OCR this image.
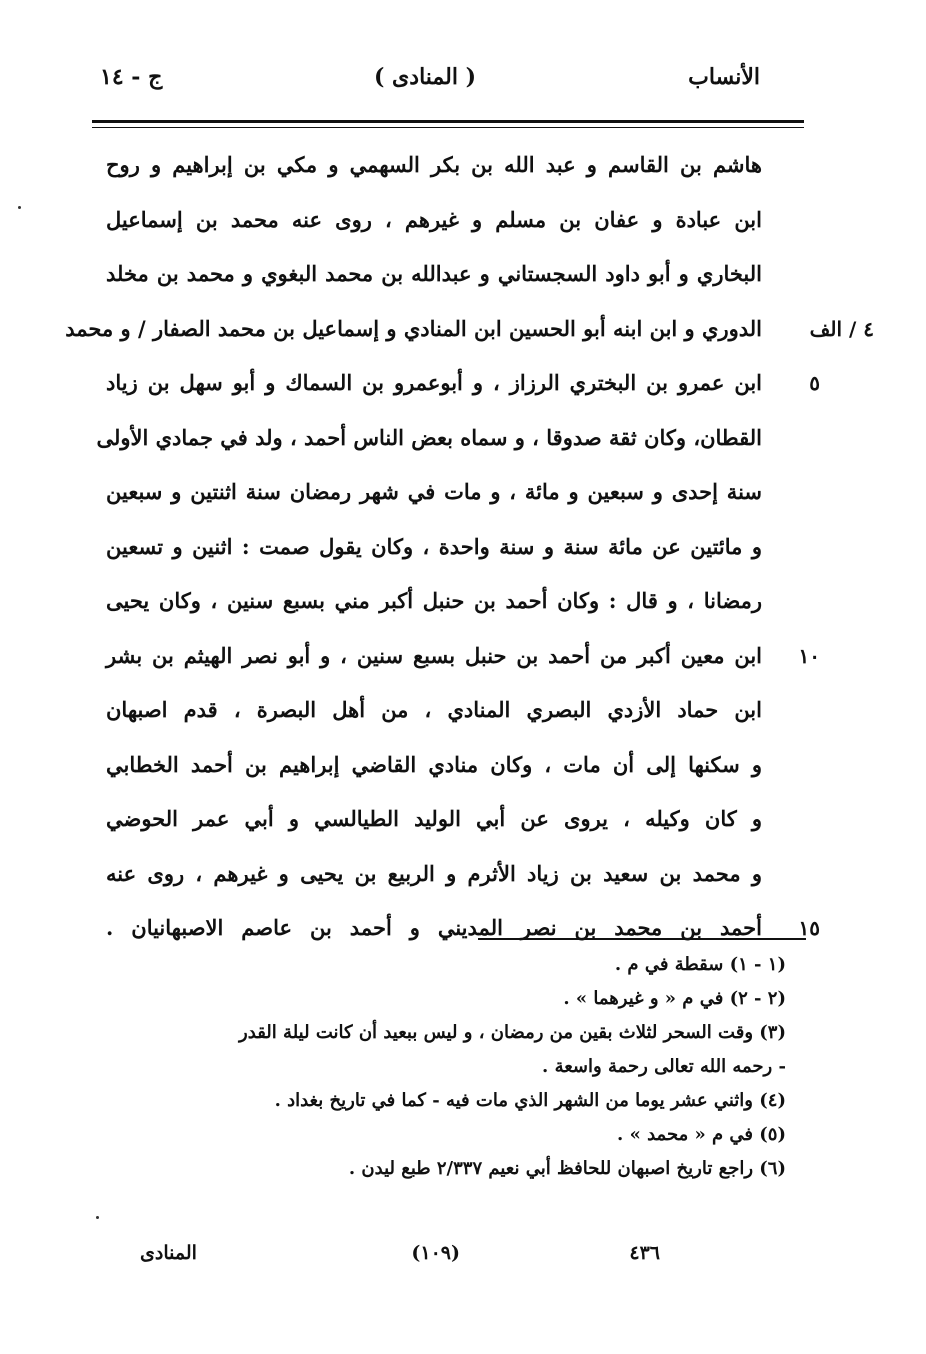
الأنساب
( المنادى )
ج - ١٤
هاشم بن القاسم و عبد الله بن بكر السهمي و مكي بن إبراهيم و روح
ابن عبادة و عفان بن مسلم و غيرهم ، روى عنه محمد بن إسماعيل
البخاري و أبو داود السجستاني و عبدالله بن محمد البغوي و محمد بن مخلد
٤ / الف
الدوري و ابن ابنه أبو الحسين ابن المنادي و إسماعيل بن محمد الصفار / و محمد
٥
ابن عمرو بن البختري الرزاز ، و أبوعمرو بن السماك و أبو سهل بن زياد
القطان، وكان ثقة صدوقا ، و سماه بعض الناس أحمد ، ولد في جمادي الأولى
سنة إحدى و سبعين و مائة ، و مات في شهر رمضان سنة اثنتين و سبعين
و مائتين عن مائة سنة و سنة واحدة ، وكان يقول صمت : اثنين و تسعين
رمضانا ، و قال : وكان أحمد بن حنبل أكبر مني بسبع سنين ، وكان يحيى
١٠
ابن معين أكبر من أحمد بن حنبل بسبع سنين ، و أبو نصر الهيثم بن بشر
ابن حماد الأزدي البصري المنادي ، من أهل البصرة ، قدم اصبهان
و سكنها إلى أن مات ، وكان منادي القاضي إبراهيم بن أحمد الخطابي
و كان وكيله ، يروى عن أبي الوليد الطيالسي و أبي عمر الحوضي
و محمد بن سعيد بن زياد الأثرم و الربيع بن يحيى و غيرهم ، روى عنه
١٥
أحمد بن محمد بن نصر المديني و أحمد بن عاصم الاصبهانيان .
(١ - ١) سقطة في م .
(٢ - ٢) في م « و غيرهما » .
(٣) وقت السحر لثلاث بقين من رمضان ، و ليس ببعيد أن كانت ليلة القدر
- رحمه الله تعالى رحمة واسعة .
(٤) واثني عشر يوما من الشهر الذي مات فيه - كما في تاريخ بغداد .
(٥) في م « محمد » .
(٦) راجع تاريخ اصبهان للحافظ أبي نعيم ٢/٣٣٧ طبع ليدن .
٤٣٦
(١٠٩)
المنادى
